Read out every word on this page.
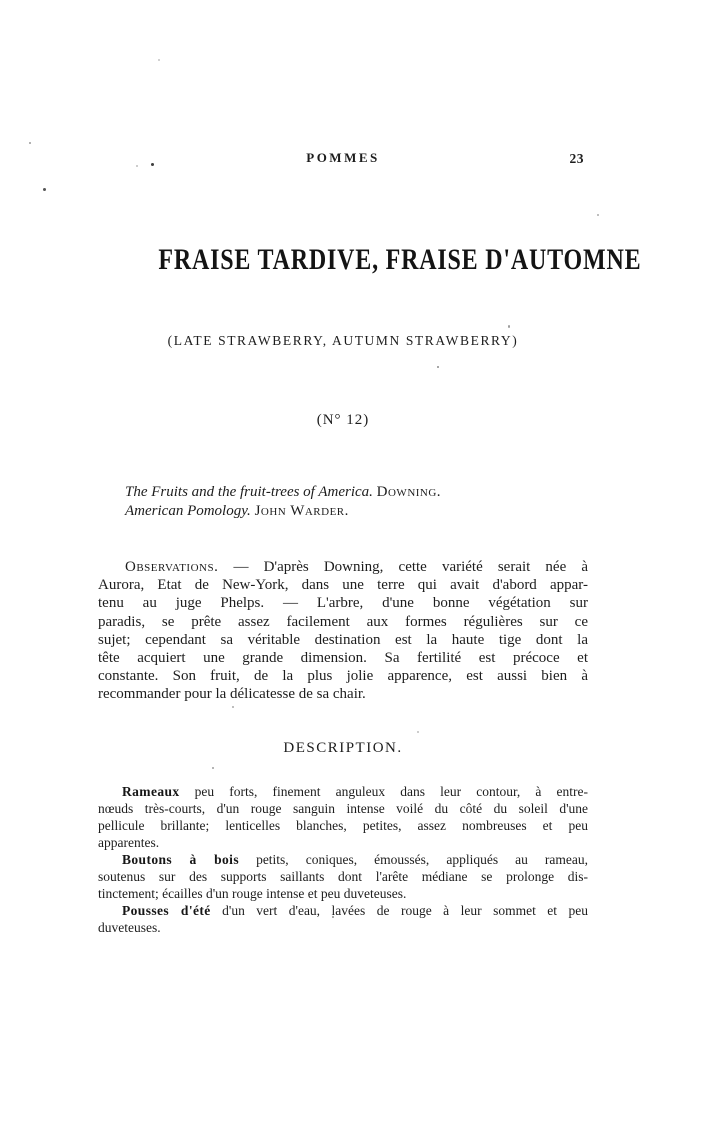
POMMES	23
FRAISE TARDIVE, FRAISE D'AUTOMNE
(LATE STRAWBERRY, AUTUMN STRAWBERRY)
(N° 12)
The Fruits and the fruit-trees of America. Downing.
American Pomology. John Warder.
Observations. — D'après Downing, cette variété serait née à
Aurora, Etat de New-York, dans une terre qui avait d'abord appar-
tenu au juge Phelps. — L'arbre, d'une bonne végétation sur
paradis, se prête assez facilement aux formes régulières sur ce
sujet; cependant sa véritable destination est la haute tige dont la
tête acquiert une grande dimension. Sa fertilité est précoce et
constante. Son fruit, de la plus jolie apparence, est aussi bien à
recommander pour la délicatesse de sa chair.
DESCRIPTION.
Rameaux peu forts, finement anguleux dans leur contour, à entre-
nœuds très-courts, d'un rouge sanguin intense voilé du côté du soleil d'une
pellicule brillante; lenticelles blanches, petites, assez nombreuses et peu
apparentes.
Boutons à bois petits, coniques, émoussés, appliqués au rameau,
soutenus sur des supports saillants dont l'arête médiane se prolonge dis-
tinctement; écailles d'un rouge intense et peu duveteuses.
Pousses d'été d'un vert d'eau, lavées de rouge à leur sommet et peu
duveteuses.
